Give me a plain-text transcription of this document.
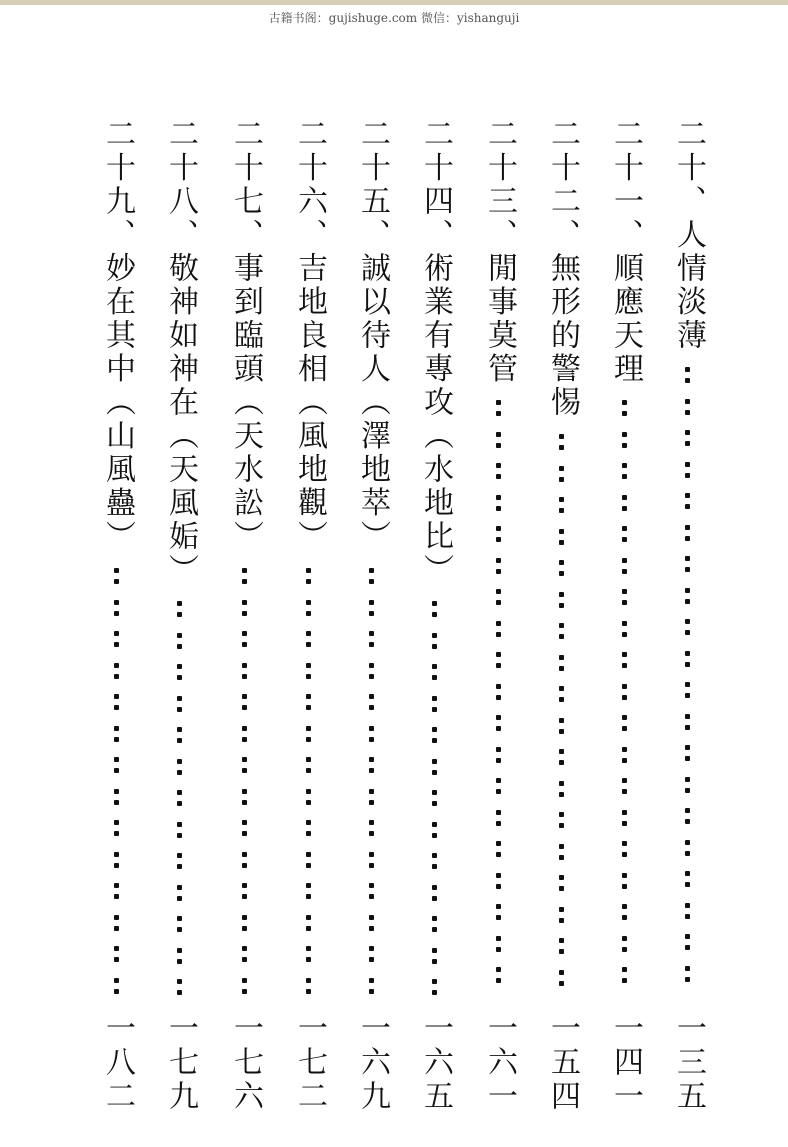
古籍书阁：gujishuge.com 微信：yishanguji
二十、人情淡薄
一三五
二十一、順應天理
一四一
二十二、無形的警惕
一五四
二十三、閒事莫管
一六一
二十四、術業有專攻（水地比）
一六五
二十五、誠以待人（澤地萃）
一六九
二十六、吉地良相（風地觀）
一七二
二十七、事到臨頭（天水訟）
一七六
二十八、敬神如神在（天風姤）
一七九
二十九、妙在其中（山風蠱）
一八二
